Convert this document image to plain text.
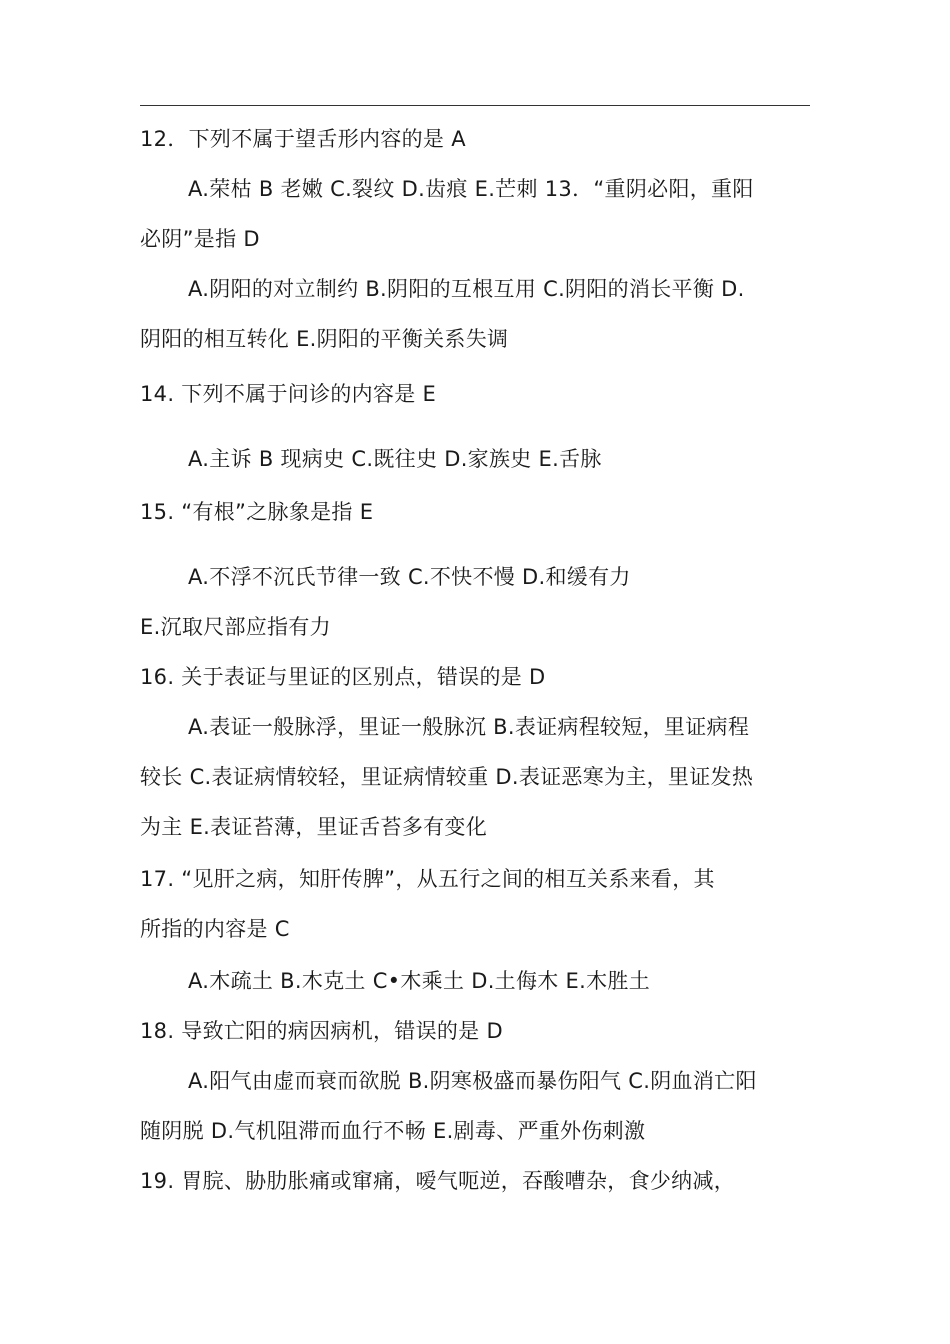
12．下列不属于望舌形内容的是 A
A.荣枯 B 老嫩 C.裂纹 D.齿痕 E.芒刺 13．“重阴必阳，重阳
必阴”是指 D
A.阴阳的对立制约 B.阴阳的互根互用 C.阴阳的消长平衡 D.
阴阳的相互转化 E.阴阳的平衡关系失调
14. 下列不属于问诊的内容是 E
A.主诉 B 现病史 C.既往史 D.家族史 E.舌脉
15. “有根”之脉象是指 E
A.不浮不沉氏节律一致 C.不快不慢 D.和缓有力
E.沉取尺部应指有力
16. 关于表证与里证的区别点，错误的是 D
A.表证一般脉浮，里证一般脉沉 B.表证病程较短，里证病程
较长 C.表证病情较轻，里证病情较重 D.表证恶寒为主，里证发热
为主 E.表证苔薄，里证舌苔多有变化
17. “见肝之病，知肝传脾”，从五行之间的相互关系来看，其
所指的内容是 C
A.木疏土 B.木克土 C•木乘土 D.土侮木 E.木胜土
18. 导致亡阳的病因病机，错误的是 D
A.阳气由虚而衰而欲脱 B.阴寒极盛而暴伤阳气 C.阴血消亡阳
随阴脱 D.气机阻滞而血行不畅 E.剧毒、严重外伤刺激
19. 胃脘、胁肋胀痛或窜痛，嗳气呃逆，吞酸嘈杂，食少纳减，
